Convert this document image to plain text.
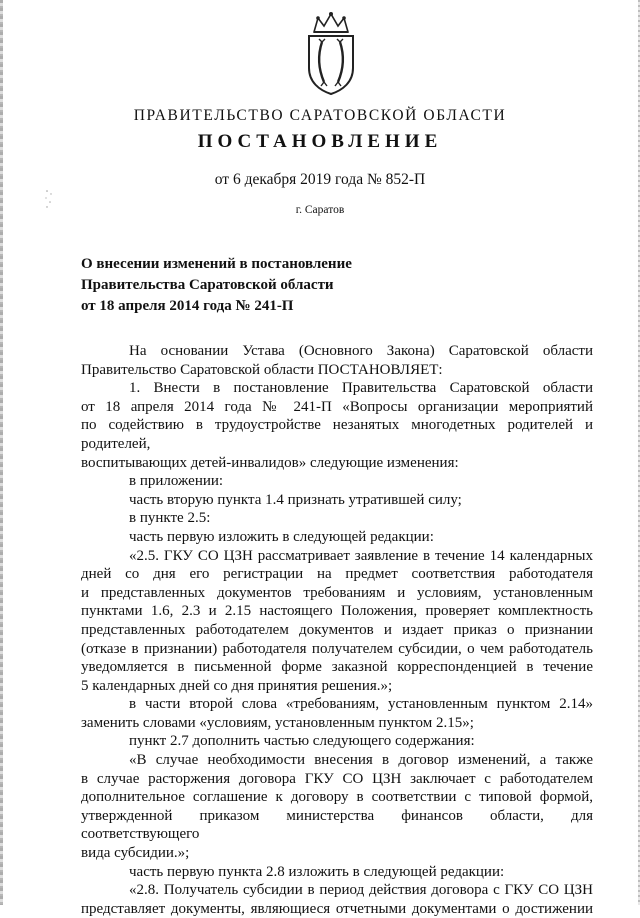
ПРАВИТЕЛЬСТВО САРАТОВСКОЙ ОБЛАСТИ
ПОСТАНОВЛЕНИЕ
от 6 декабря 2019 года № 852-П
г. Саратов
О внесении изменений в постановление
Правительства Саратовской области
от 18 апреля 2014 года № 241-П
На основании Устава (Основного Закона) Саратовской области
Правительство Саратовской области ПОСТАНОВЛЯЕТ:
1. Внести в постановление Правительства Саратовской области
от 18 апреля 2014 года № 241-П «Вопросы организации мероприятий
по содействию в трудоустройстве незанятых многодетных родителей и родителей,
воспитывающих детей-инвалидов» следующие изменения:
в приложении:
часть вторую пункта 1.4 признать утратившей силу;
в пункте 2.5:
часть первую изложить в следующей редакции:
«2.5. ГКУ СО ЦЗН рассматривает заявление в течение 14 календарных
дней со дня его регистрации на предмет соответствия работодателя
и представленных документов требованиям и условиям, установленным
пунктами 1.6, 2.3 и 2.15 настоящего Положения, проверяет комплектность
представленных работодателем документов и издает приказ о признании
(отказе в признании) работодателя получателем субсидии, о чем работодатель
уведомляется в письменной форме заказной корреспонденцией в течение
5 календарных дней со дня принятия решения.»;
в части второй слова «требованиям, установленным пунктом 2.14»
заменить словами «условиям, установленным пунктом 2.15»;
пункт 2.7 дополнить частью следующего содержания:
«В случае необходимости внесения в договор изменений, а также
в случае расторжения договора ГКУ СО ЦЗН заключает с работодателем
дополнительное соглашение к договору в соответствии с типовой формой,
утвержденной приказом министерства финансов области, для соответствующего
вида субсидии.»;
часть первую пункта 2.8 изложить в следующей редакции:
«2.8. Получатель субсидии в период действия договора с ГКУ СО ЦЗН
представляет документы, являющиеся отчетными документами о достижении
